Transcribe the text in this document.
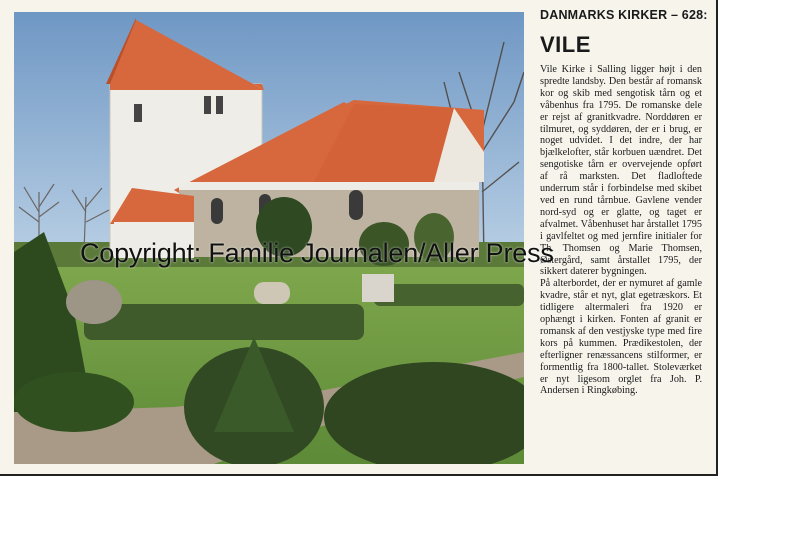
DANMARKS KIRKER – 628:
VILE

Vile Kirke i Salling ligger højt i den spredte landsby. Den består af romansk kor og skib med sengotisk tårn og et våbenhus fra 1795. De romanske dele er rejst af granitkvadre. Norddøren er tilmuret, og syddøren, der er i brug, er noget udvidet. I det indre, der har bjælkelofter, står korbuen uændret. Det sengotiske tårn er overvejende opført af rå marksten. Det fladloftede underrum står i forbindelse med skibet ved en rund tårnbue. Gavlene vender nord-syd og er glatte, og taget er afvalmet. Våbenhuset har årstallet 1795 i gavlfeltet og med jernfire initialer for Th. Thomsen og Marie Thomsen, Østergård, samt årstallet 1795, der sikkert daterer bygningen.

På alterbordet, der er nymuret af gamle kvadre, står et nyt, glat egetræskors. Et tidligere altermaleri fra 1920 er ophængt i kirken. Fonten af granit er romansk af den vestjyske type med fire kors på kummen. Prædikestolen, der efterligner renæssancens stilformer, er formentlig fra 1800-tallet. Stoleværket er nyt ligesom orglet fra Joh. P. Andersen i Ringkøbing.

Copyright: Familie Journalen/Aller Press
